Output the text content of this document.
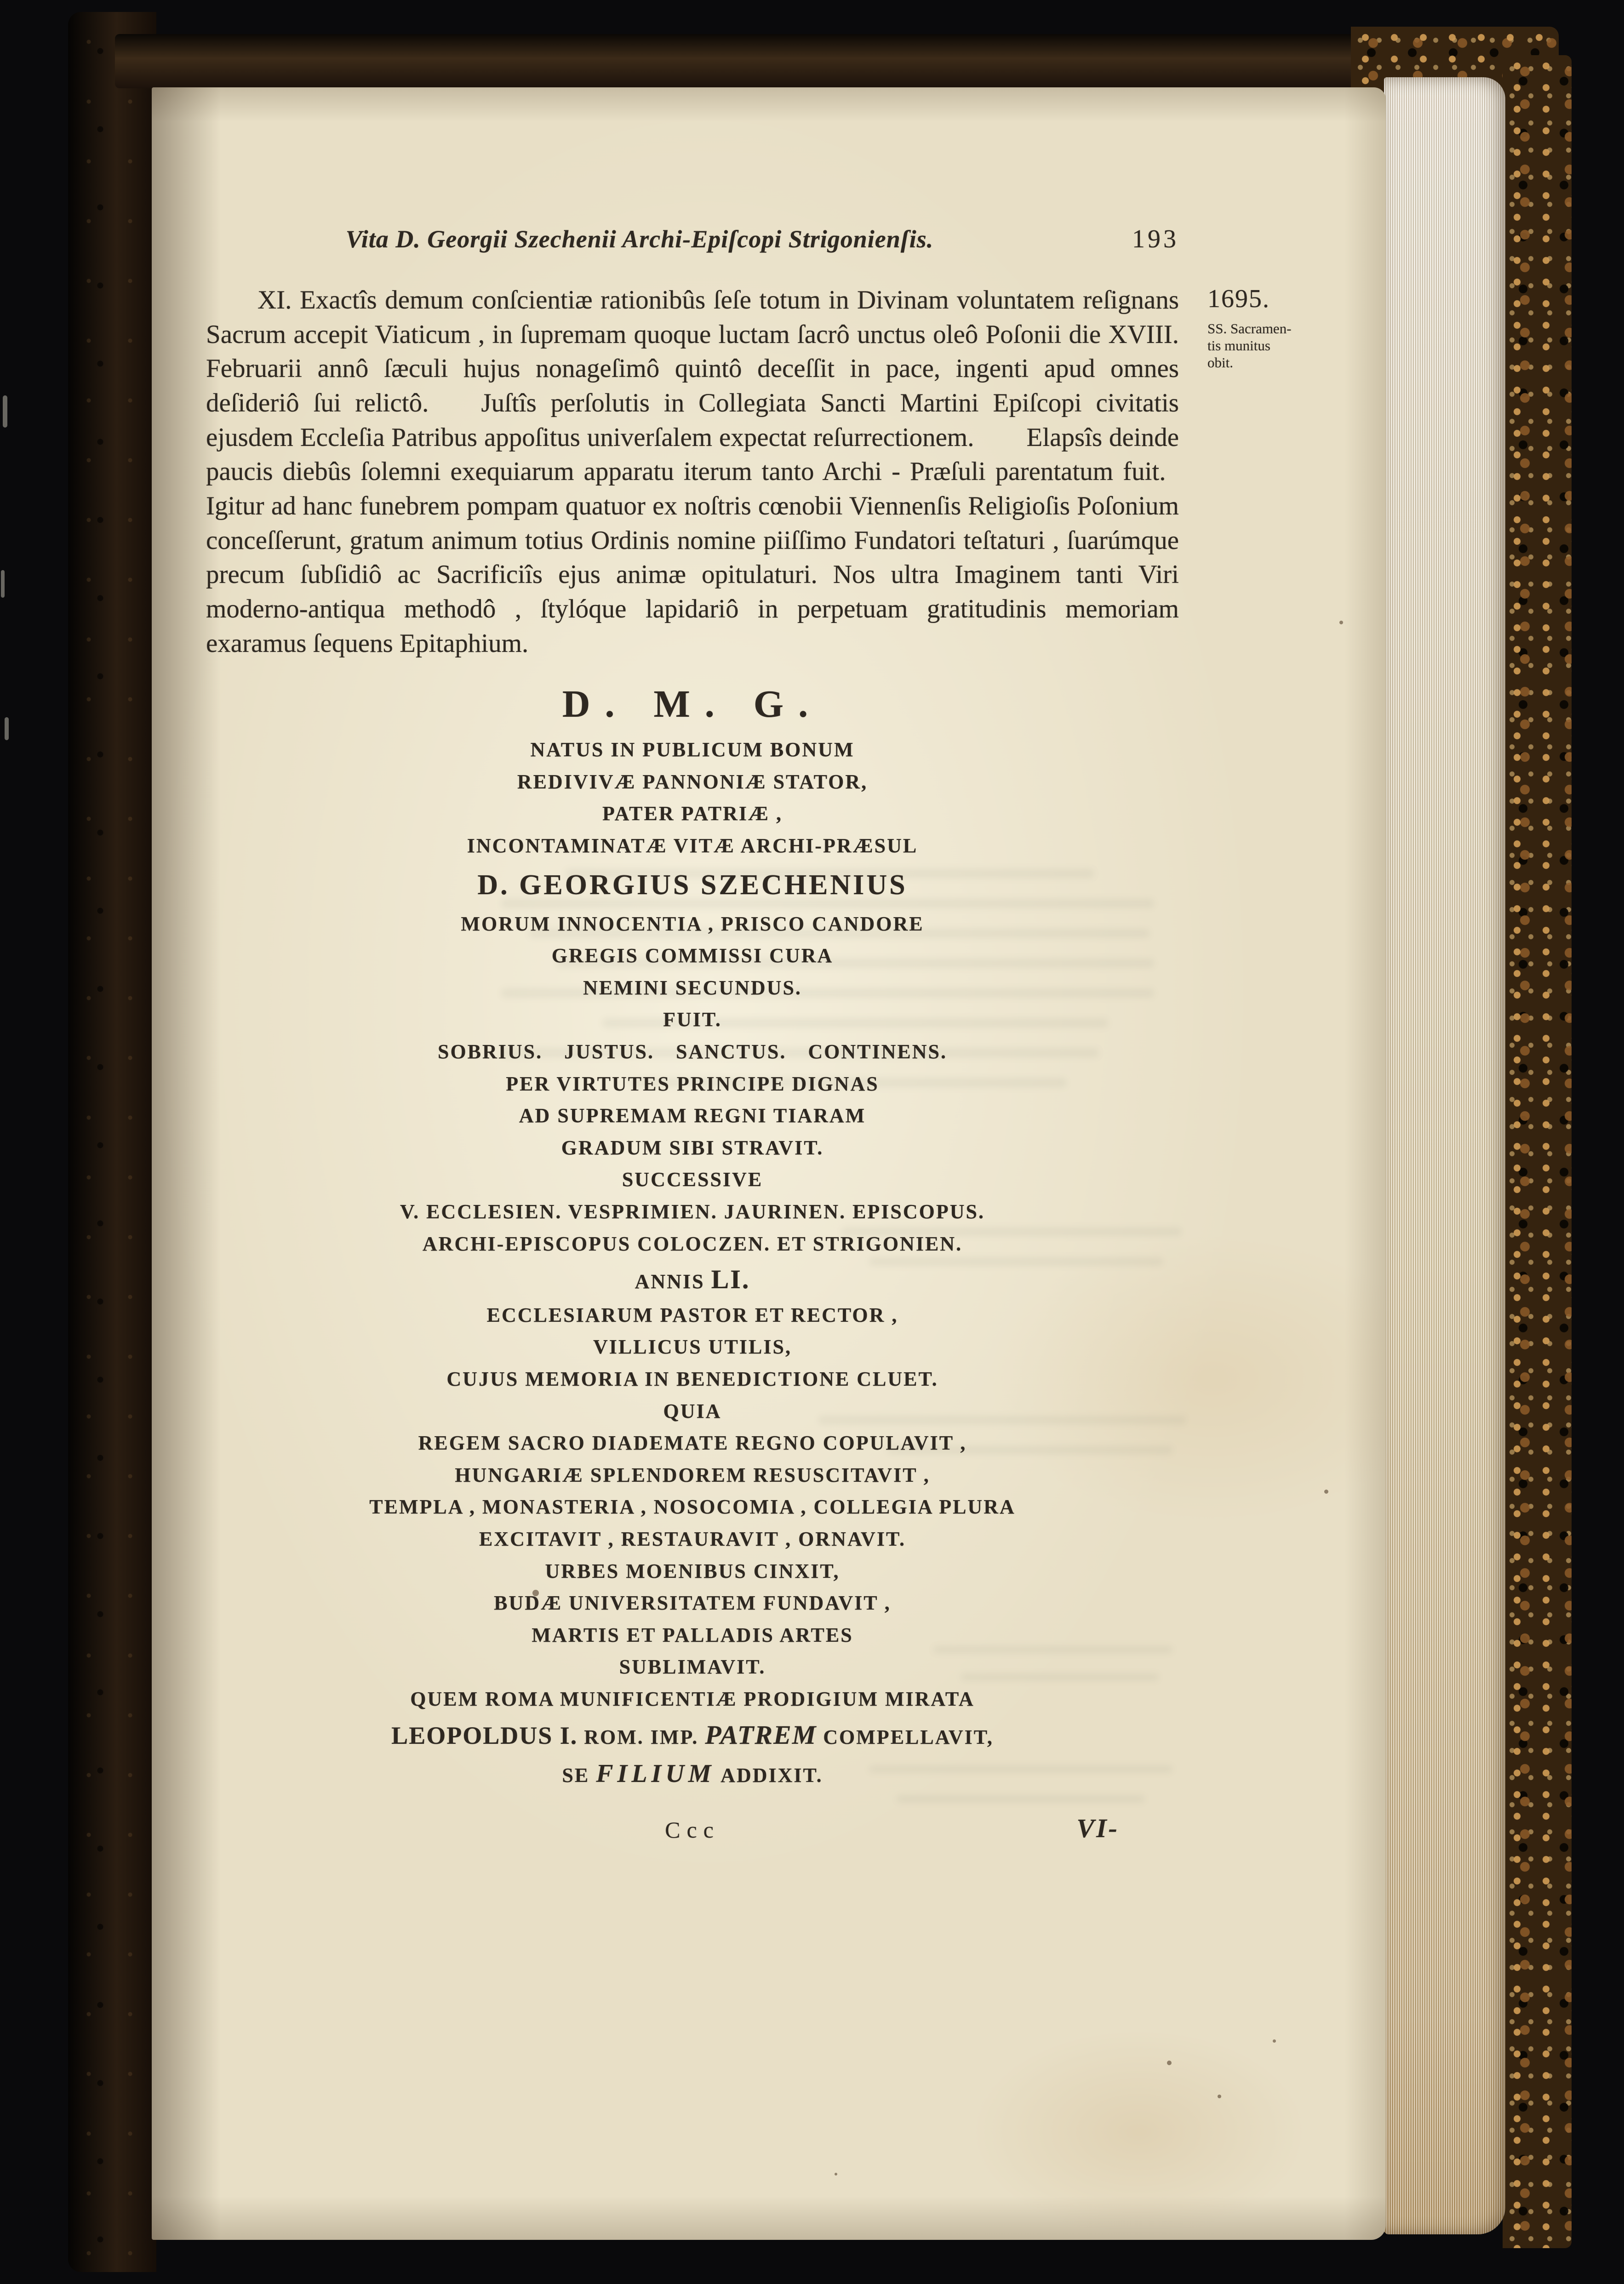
Vita D. Georgii Szechenii Archi-Epiſcopi Strigonienſis.	193

XI. Exactîs demum conſcientiæ rationibûs ſeſe totum in Divinam voluntatem reſignans Sacrum accepit Viaticum , in ſupremam quoque luctam ſacrô unctus oleô Poſonii die XVIII. Februarii annô ſæculi hujus nonageſimô quintô deceſſit in pace, ingenti apud omnes deſideriô ſui relictô.  Juſtîs perſolutis in Collegiata Sancti Martini Epiſcopi civitatis ejusdem Eccleſia Patribus appoſitus univerſalem expectat reſurrectionem.  Elapsîs deinde paucis diebûs ſolemni exequiarum apparatu iterum tanto Archi - Præſuli parentatum fuit. Igitur ad hanc funebrem pompam quatuor ex noſtris cœnobii Viennenſis Religioſis Poſonium conceſſerunt, gratum animum totius Ordinis nomine piiſſimo Fundatori teſtaturi , ſuarúmque precum ſubſidiô ac Sacrificiîs ejus animæ opitulaturi. Nos ultra Imaginem tanti Viri moderno-antiqua methodô , ſtylóque lapidariô in perpetuam gratitudinis memoriam exaramus ſequens Epitaphium.

D. M. G.
NATUS IN PUBLICUM BONUM
REDIVIVÆ PANNONIÆ STATOR,
PATER PATRIÆ ,
INCONTAMINATÆ VITÆ ARCHI-PRÆSUL
D. GEORGIUS SZECHENIUS
MORUM INNOCENTIA , PRISCO CANDORE
GREGIS COMMISSI CURA
NEMINI SECUNDUS.
FUIT.
SOBRIUS. JUSTUS. SANCTUS. CONTINENS.
PER VIRTUTES PRINCIPE DIGNAS
AD SUPREMAM REGNI TIARAM
GRADUM SIBI STRAVIT.
SUCCESSIVE
V. ECCLESIEN. VESPRIMIEN. JAURINEN. EPISCOPUS.
ARCHI-EPISCOPUS COLOCZEN. ET STRIGONIEN.
ANNIS LI.
ECCLESIARUM PASTOR ET RECTOR ,
VILLICUS UTILIS,
CUJUS MEMORIA IN BENEDICTIONE CLUET.
QUIA
REGEM SACRO DIADEMATE REGNO COPULAVIT ,
HUNGARIÆ SPLENDOREM RESUSCITAVIT ,
TEMPLA , MONASTERIA , NOSOCOMIA , COLLEGIA PLURA
EXCITAVIT , RESTAURAVIT , ORNAVIT.
URBES MOENIBUS CINXIT,
BUDÆ UNIVERSITATEM FUNDAVIT ,
MARTIS ET PALLADIS ARTES
SUBLIMAVIT.
QUEM ROMA MUNIFICENTIÆ PRODIGIUM MIRATA
LEOPOLDUS I. ROM. IMP. PATREM COMPELLAVIT,
SE FILIUM ADDIXIT.
Ccc	VI-
1695.
SS. Sacramen-
tis munitus
obit.
